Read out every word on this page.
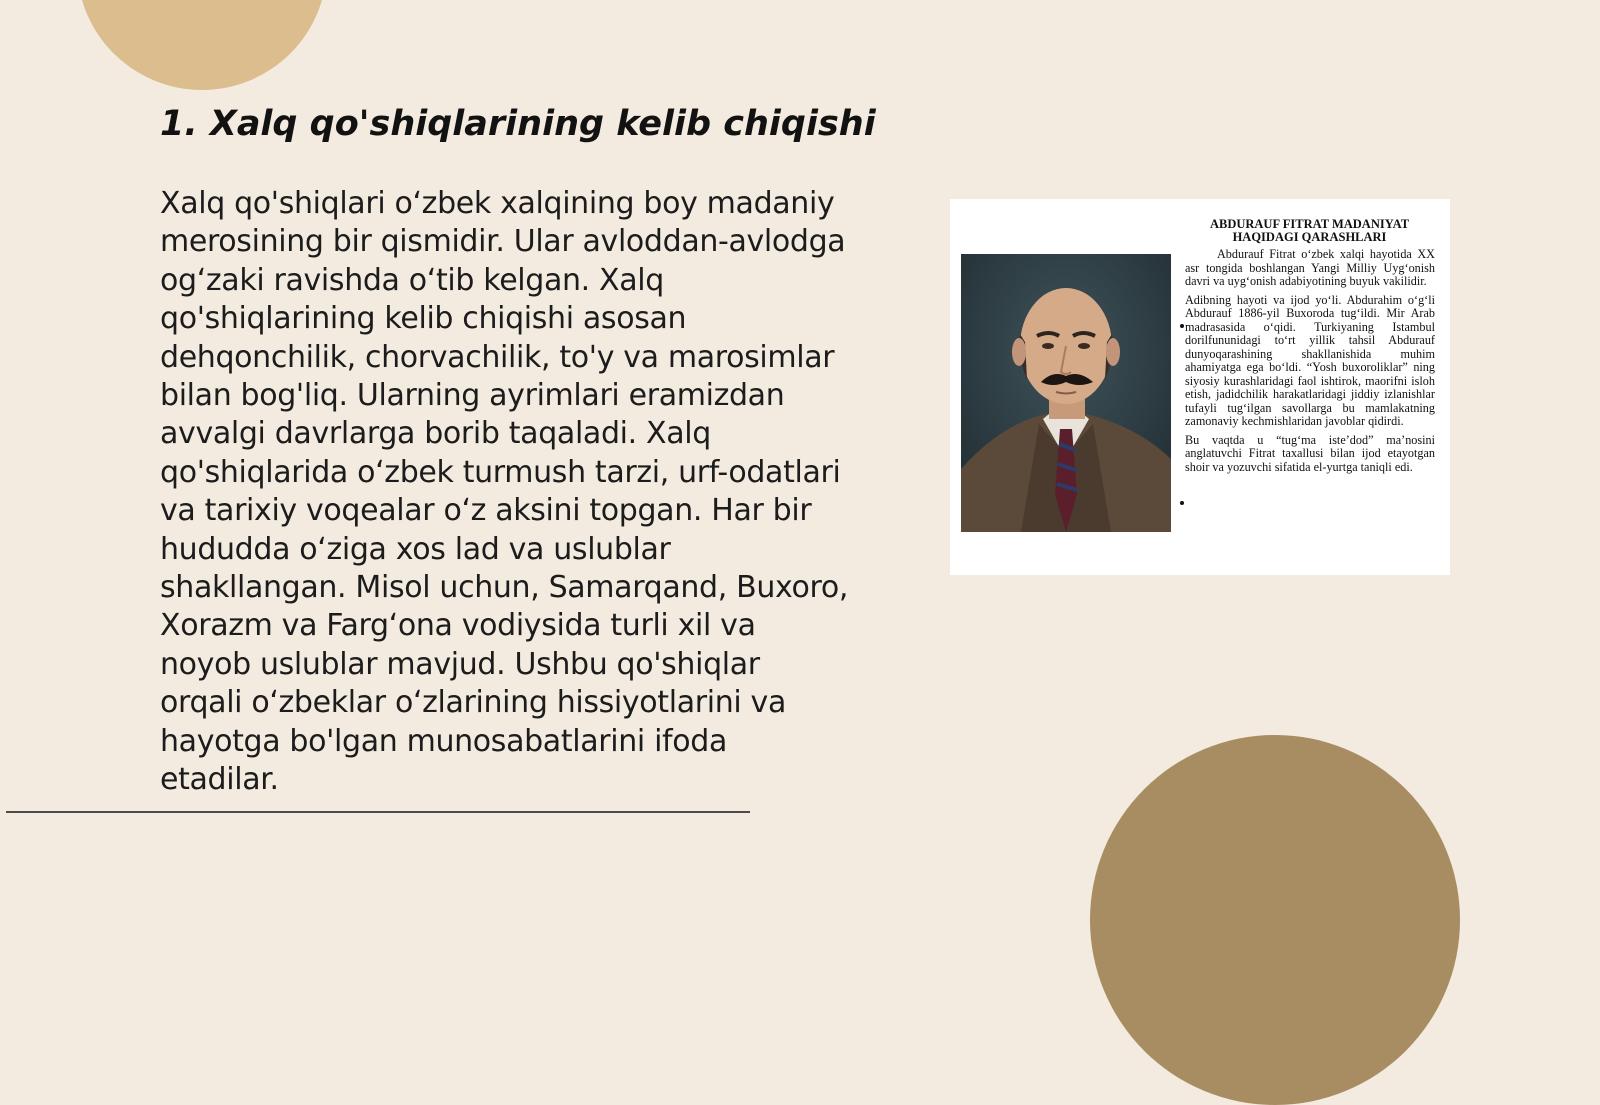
1. Xalq qo'shiqlarining kelib chiqishi

Xalq qo'shiqlari o‘zbek xalqining boy madaniy merosining bir qismidir. Ular avloddan-avlodga og‘zaki ravishda o‘tib kelgan. Xalq qo'shiqlarining kelib chiqishi asosan dehqonchilik, chorvachilik, to'y va marosimlar bilan bog'liq. Ularning ayrimlari eramizdan avvalgi davrlarga borib taqaladi. Xalq qo'shiqlarida o‘zbek turmush tarzi, urf-odatlari va tarixiy voqealar o‘z aksini topgan. Har bir hududda o‘ziga xos lad va uslublar shakllangan. Misol uchun, Samarqand, Buxoro, Xorazm va Farg‘ona vodiysida turli xil va noyob uslublar mavjud. Ushbu qo'shiqlar orqali o‘zbeklar o‘zlarining hissiyotlarini va hayotga bo'lgan munosabatlarini ifoda etadilar.

ABDURAUF FITRAT MADANIYAT
HAQIDAGI QARASHLARI

Abdurauf Fitrat o‘zbek xalqi hayotida XX asr tongida boshlangan Yangi Milliy Uyg‘onish davri va uyg‘onish adabiyotining buyuk vakilidir.

Adibning hayoti va ijod yo‘li. Abdurahim o‘g‘li Abdurauf 1886-yil Buxoroda tug‘ildi. Mir Arab madrasasida o‘qidi. Turkiyaning Istambul dorilfununidagi to‘rt yillik tahsil Abdurauf dunyoqarashining shakllanishida muhim ahamiyatga ega bo‘ldi. “Yosh buxoroliklar” ning siyosiy kurashlaridagi faol ishtirok, maorifni isloh etish, jadidchilik harakatlaridagi jiddiy izlanishlar tufayli tug‘ilgan savollarga bu mamlakatning zamonaviy kechmishlaridan javoblar qidirdi.

Bu vaqtda u “tug‘ma iste’dod” ma’nosini anglatuvchi Fitrat taxallusi bilan ijod etayotgan shoir va yozuvchi sifatida el-yurtga taniqli edi.
